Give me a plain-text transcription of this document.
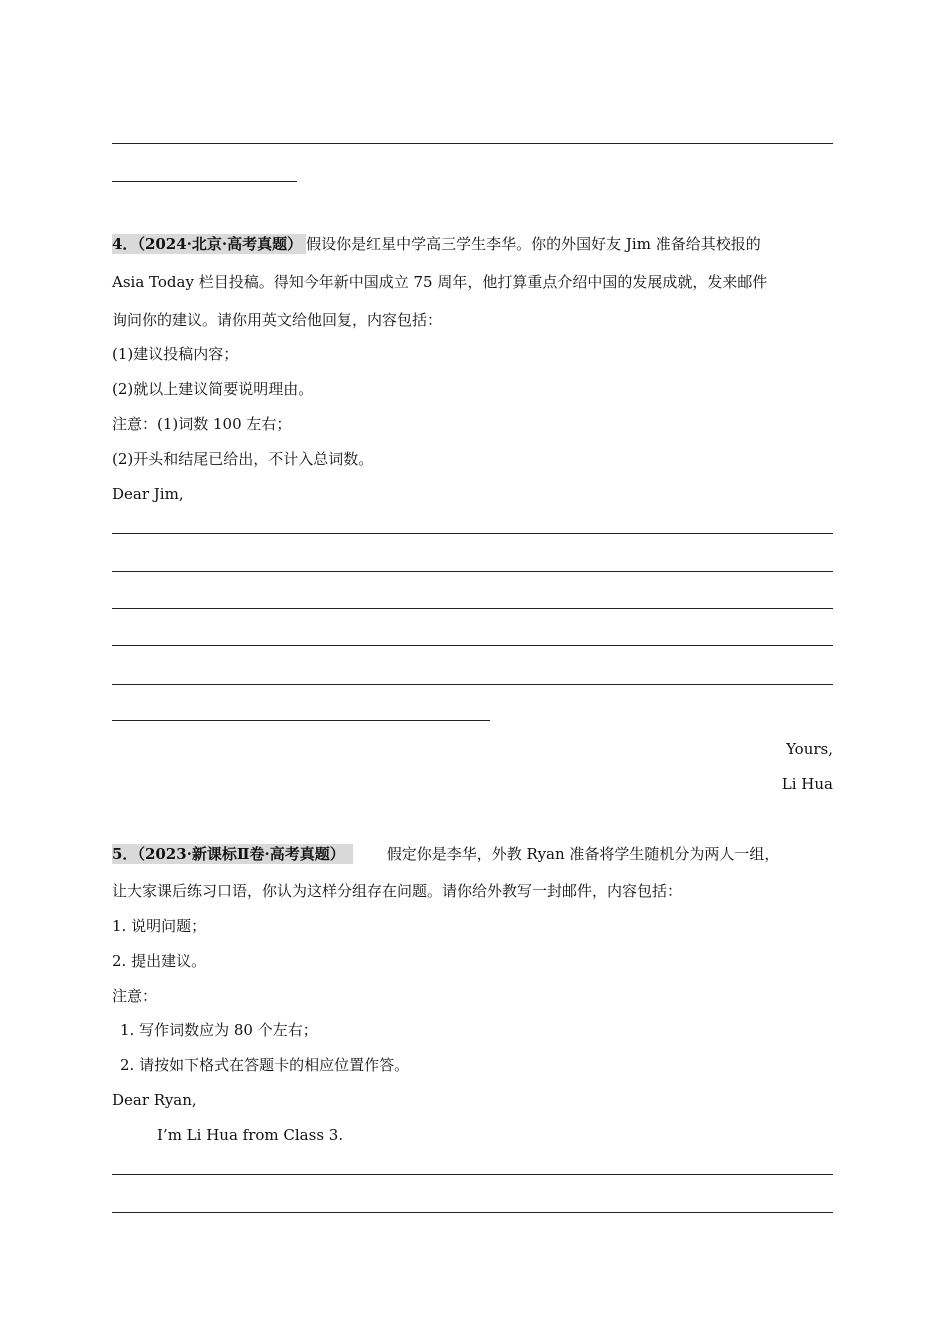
4．（2024·北京·高考真题） 假设你是红星中学高三学生李华。你的外国好友 Jim 准备给其校报的
Asia Today 栏目投稿。得知今年新中国成立 75 周年，他打算重点介绍中国的发展成就，发来邮件
询问你的建议。请你用英文给他回复，内容包括：
(1)建议投稿内容；
(2)就以上建议简要说明理由。
注意：(1)词数 100 左右；
(2)开头和结尾已给出，不计入总词数。
Dear Jim,
Yours,
Li Hua
5．（2023·新课标Ⅱ卷·高考真题）	假定你是李华，外教 Ryan 准备将学生随机分为两人一组，
让大家课后练习口语，你认为这样分组存在问题。请你给外教写一封邮件，内容包括：
1. 说明问题；
2. 提出建议。
注意：
1. 写作词数应为 80 个左右；
2. 请按如下格式在答题卡的相应位置作答。
Dear Ryan,
I’m Li Hua from Class 3.
